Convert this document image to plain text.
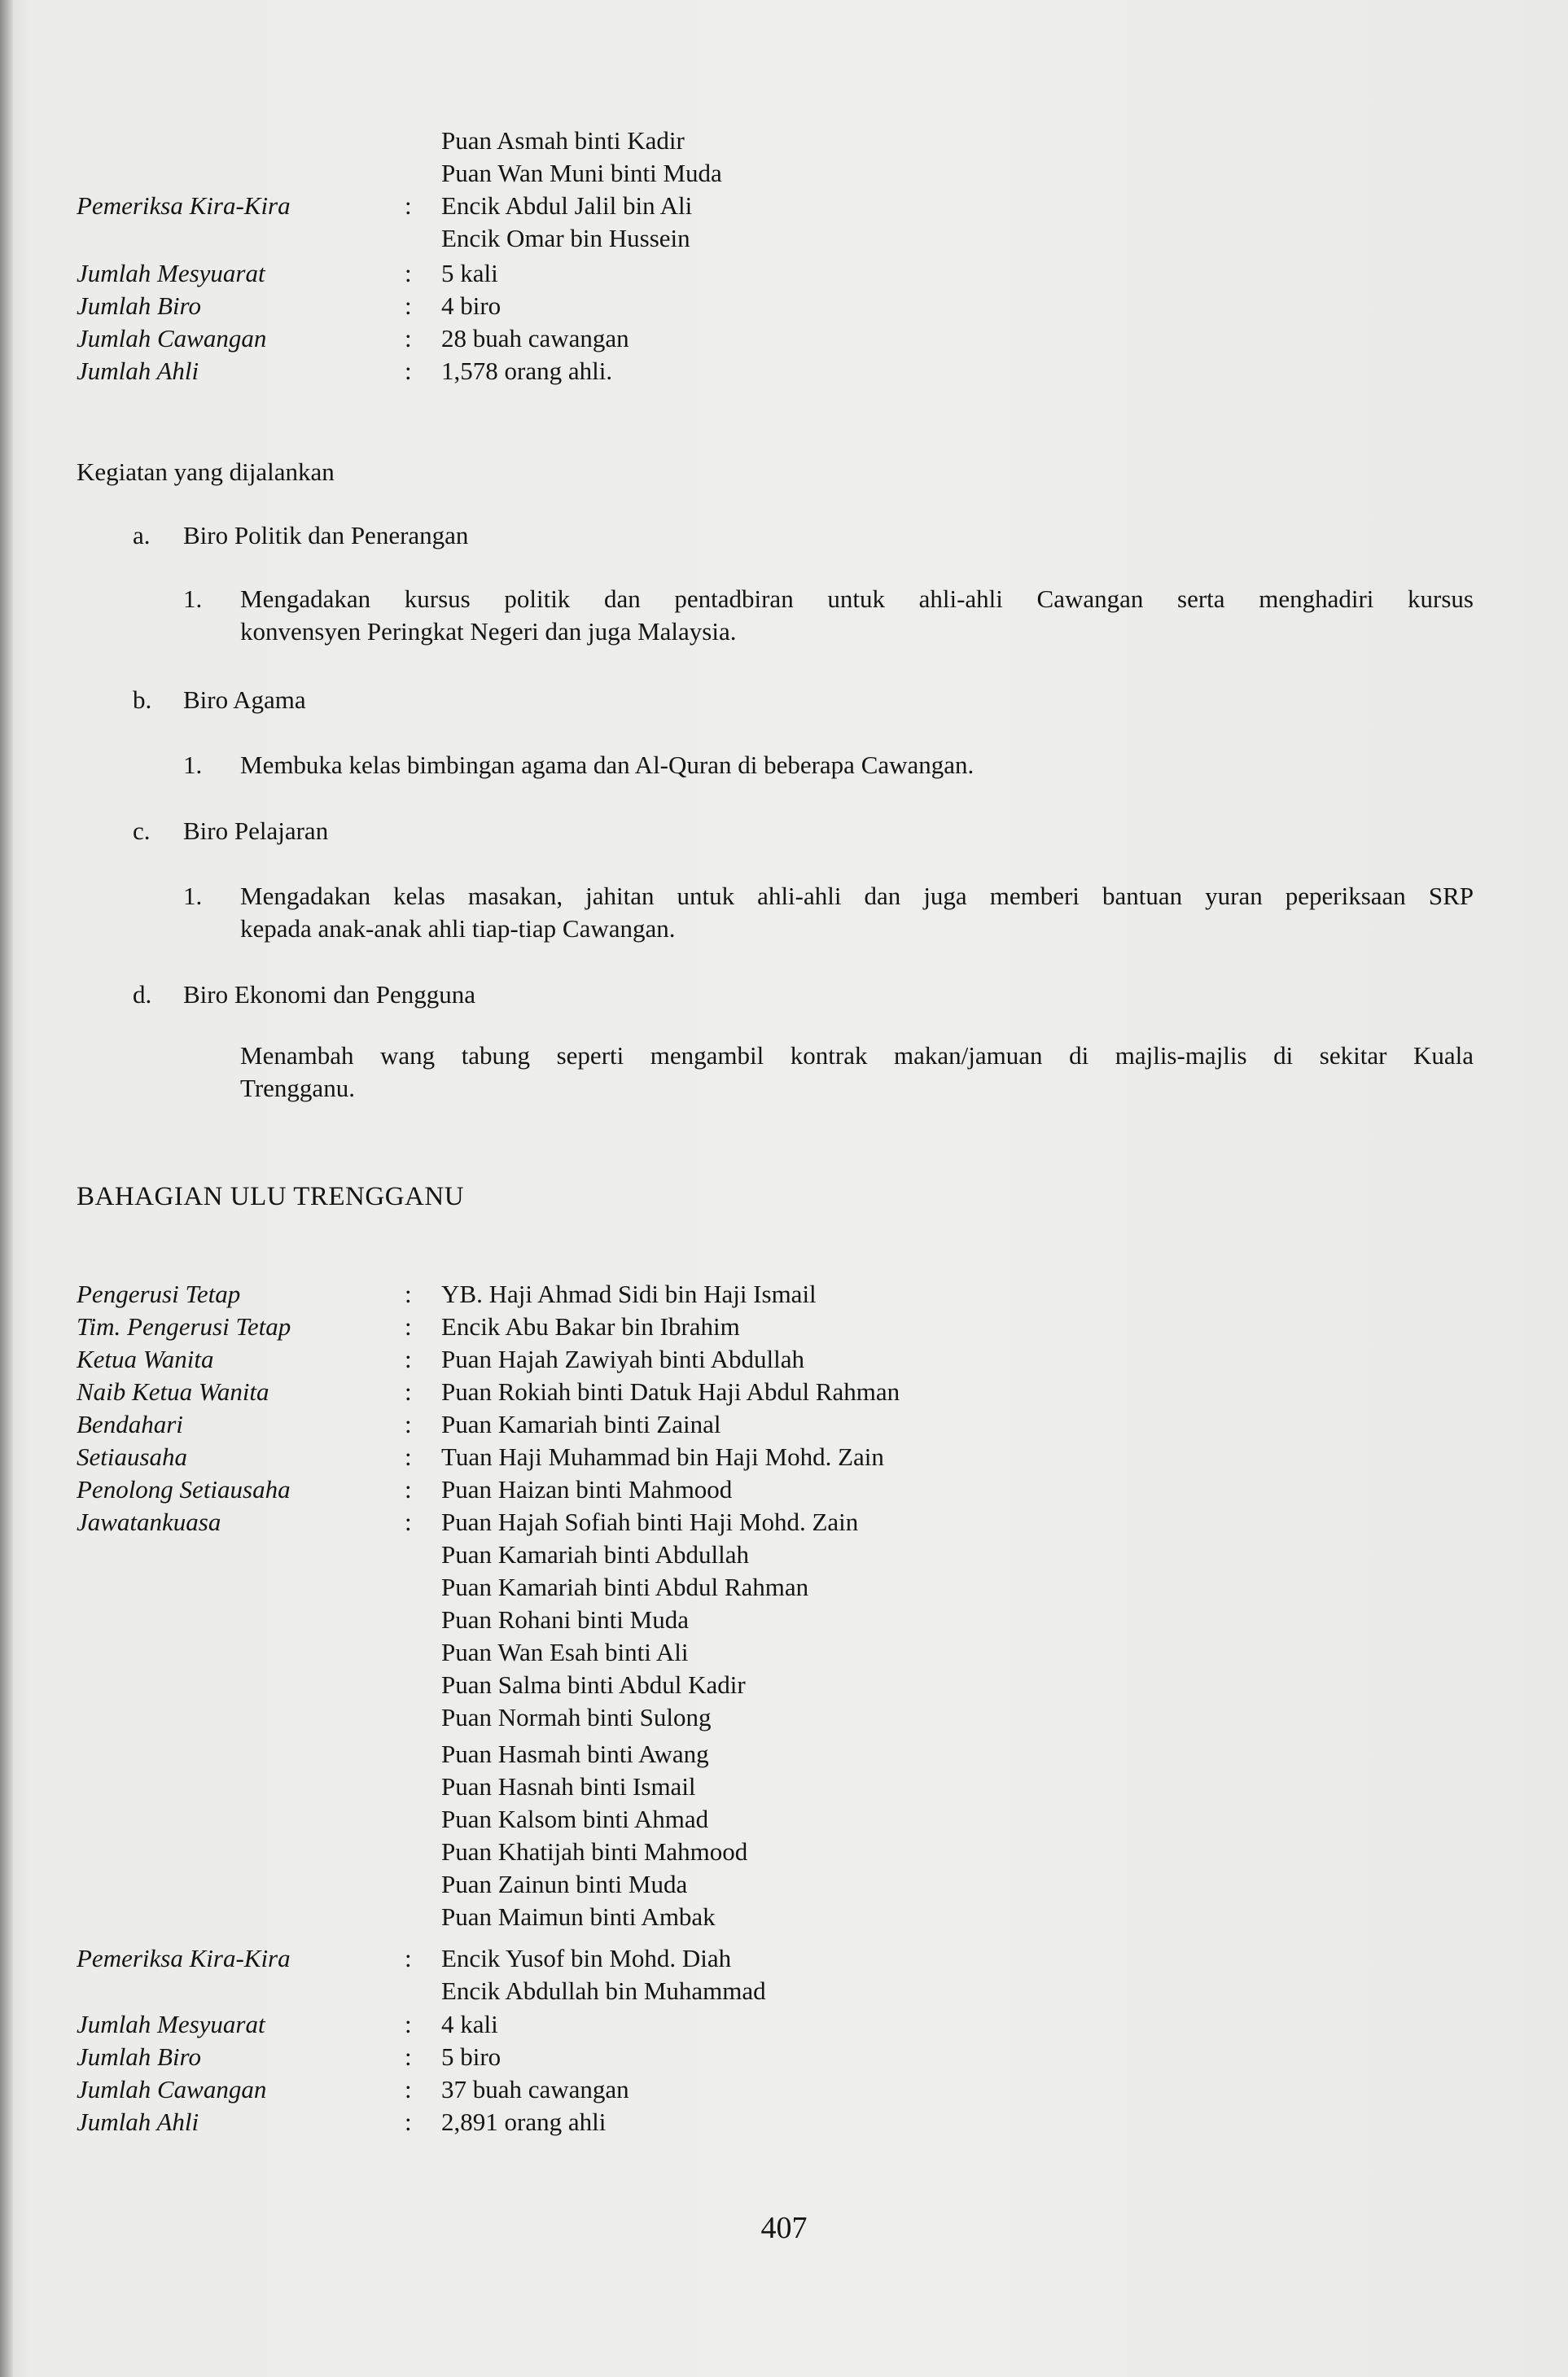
Puan Asmah binti Kadir
Puan Wan Muni binti Muda
Pemeriksa Kira-Kira	: Encik Abdul Jalil bin Ali
Encik Omar bin Hussein
Jumlah Mesyuarat	: 5 kali
Jumlah Biro	: 4 biro
Jumlah Cawangan	: 28 buah cawangan
Jumlah Ahli	: 1,578 orang ahli.
Kegiatan yang dijalankan
a. Biro Politik dan Penerangan
1. Mengadakan kursus politik dan pentadbiran untuk ahli-ahli Cawangan serta menghadiri kursus
konvensyen Peringkat Negeri dan juga Malaysia.
b. Biro Agama
1. Membuka kelas bimbingan agama dan Al-Quran di beberapa Cawangan.
c. Biro Pelajaran
1. Mengadakan kelas masakan, jahitan untuk ahli-ahli dan juga memberi bantuan yuran peperiksaan SRP
kepada anak-anak ahli tiap-tiap Cawangan.
d. Biro Ekonomi dan Pengguna
Menambah wang tabung seperti mengambil kontrak makan/jamuan di majlis-majlis di sekitar Kuala
Trengganu.
BAHAGIAN ULU TRENGGANU
Pengerusi Tetap	: YB. Haji Ahmad Sidi bin Haji Ismail
Tim. Pengerusi Tetap	: Encik Abu Bakar bin Ibrahim
Ketua Wanita	: Puan Hajah Zawiyah binti Abdullah
Naib Ketua Wanita	: Puan Rokiah binti Datuk Haji Abdul Rahman
Bendahari	: Puan Kamariah binti Zainal
Setiausaha	: Tuan Haji Muhammad bin Haji Mohd. Zain
Penolong Setiausaha	: Puan Haizan binti Mahmood
Jawatankuasa	: Puan Hajah Sofiah binti Haji Mohd. Zain
Puan Kamariah binti Abdullah
Puan Kamariah binti Abdul Rahman
Puan Rohani binti Muda
Puan Wan Esah binti Ali
Puan Salma binti Abdul Kadir
Puan Normah binti Sulong
Puan Hasmah binti Awang
Puan Hasnah binti Ismail
Puan Kalsom binti Ahmad
Puan Khatijah binti Mahmood
Puan Zainun binti Muda
Puan Maimun binti Ambak
Pemeriksa Kira-Kira	: Encik Yusof bin Mohd. Diah
Encik Abdullah bin Muhammad
Jumlah Mesyuarat	: 4 kali
Jumlah Biro	: 5 biro
Jumlah Cawangan	: 37 buah cawangan
Jumlah Ahli	: 2,891 orang ahli
407
